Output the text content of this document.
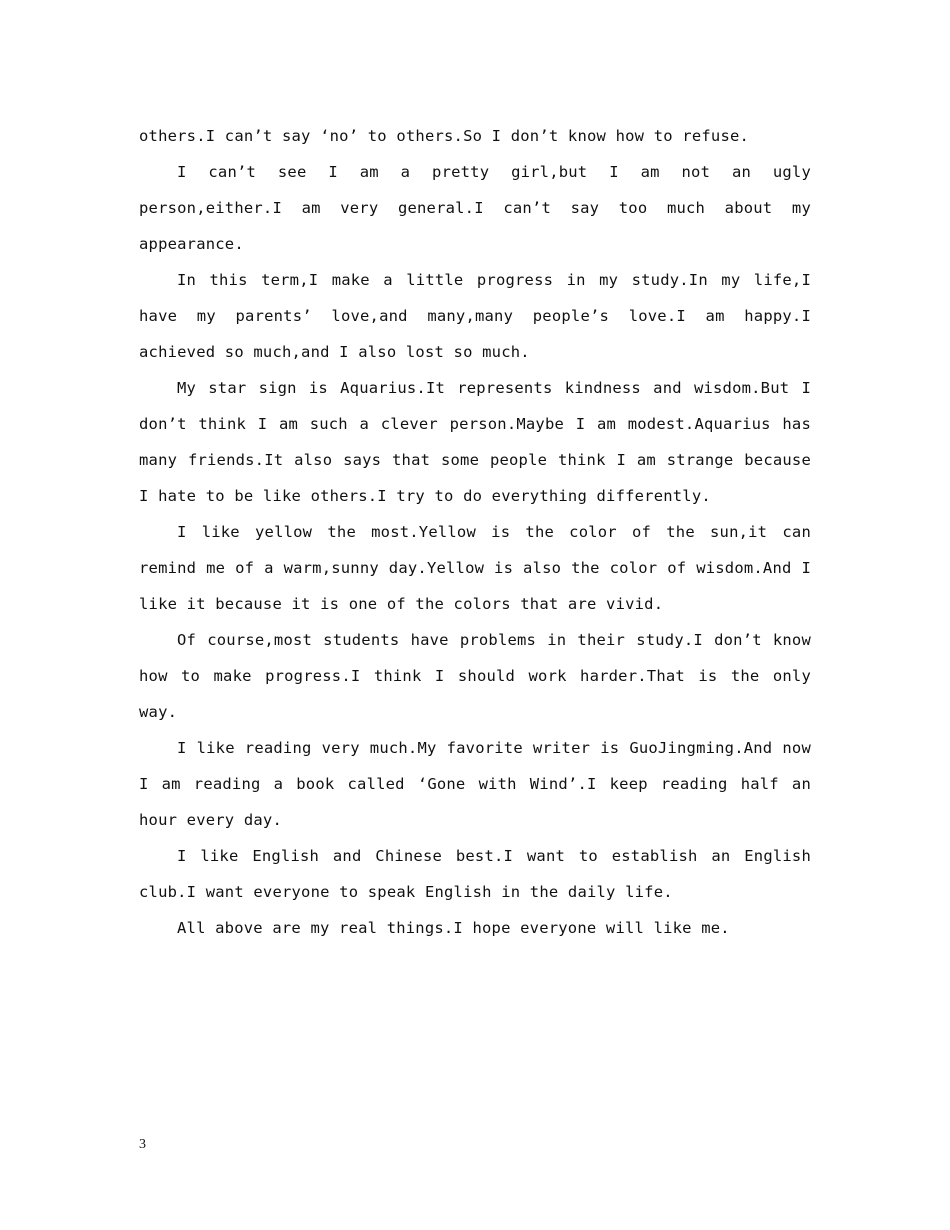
others.I can’t say ‘no’ to others.So I don’t know how to refuse.

I can’t see I am a pretty girl,but I am not an ugly person,either.I am very general.I can’t say too much about my appearance.

In this term,I make a little progress in my study.In my life,I have my parents’ love,and many,many people’s love.I am happy.I achieved so much,and I also lost so much.

My star sign is Aquarius.It represents kindness and wisdom.But I don’t think I am such a clever person.Maybe I am modest.Aquarius has many friends.It also says that some people think I am strange because I hate to be like others.I try to do everything differently.

I like yellow the most.Yellow is the color of the sun,it can remind me of a warm,sunny day.Yellow is also the color of wisdom.And I like it because it is one of the colors that are vivid.

Of course,most students have problems in their study.I don’t know how to make progress.I think I should work harder.That is the only way.

I like reading very much.My favorite writer is GuoJingming.And now I am reading a book called ‘Gone with Wind’.I keep reading half an hour every day.

I like English and Chinese best.I want to establish an English club.I want everyone to speak English in the daily life.

All above are my real things.I hope everyone will like me.

3
